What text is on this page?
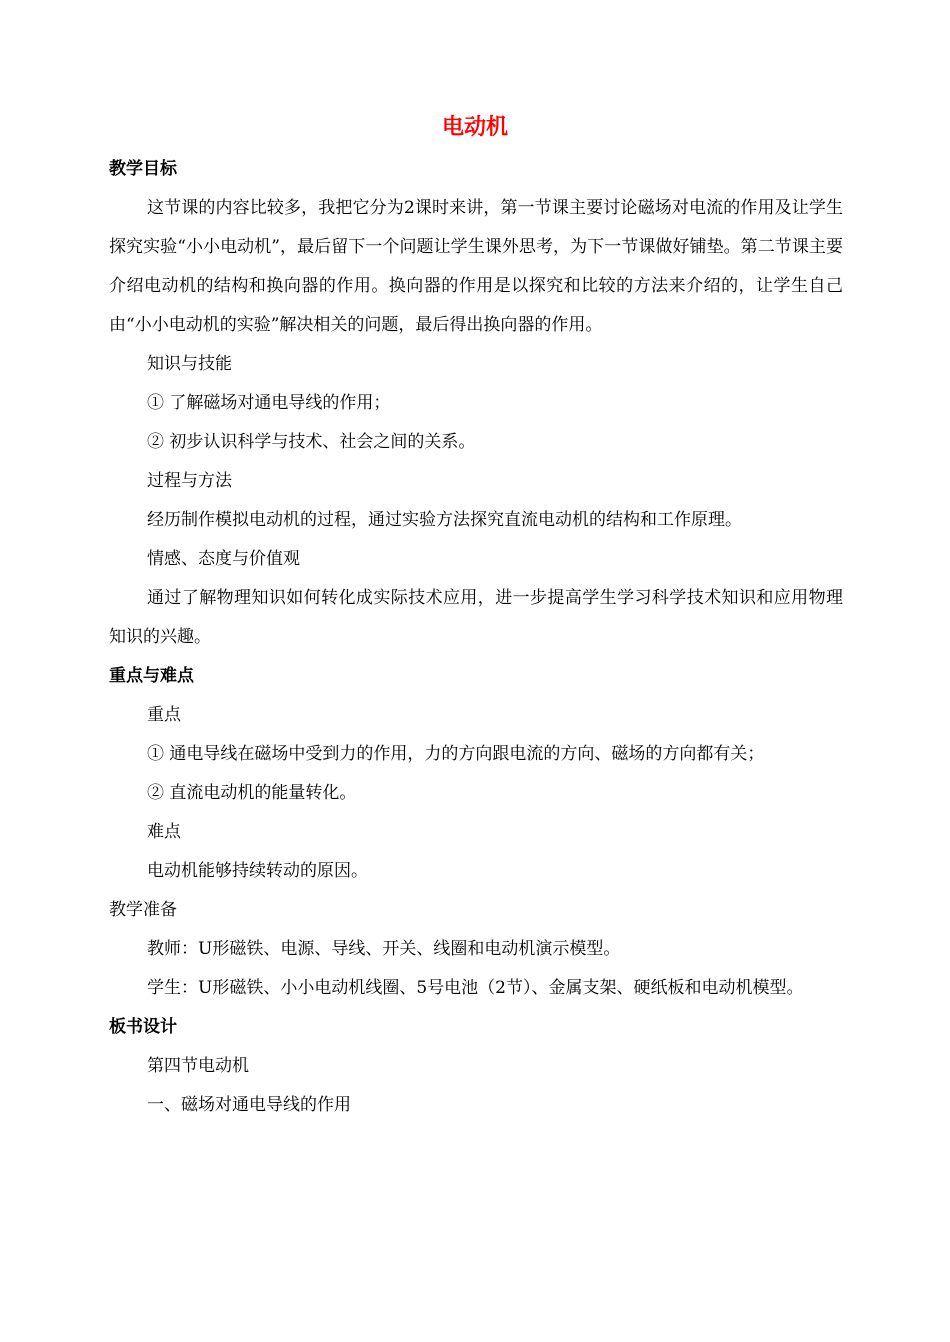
电动机

教学目标

这节课的内容比较多，我把它分为2课时来讲，第一节课主要讨论磁场对电流的作用及让学生探究实验“小小电动机”，最后留下一个问题让学生课外思考，为下一节课做好铺垫。第二节课主要介绍电动机的结构和换向器的作用。换向器的作用是以探究和比较的方法来介绍的，让学生自己由“小小电动机的实验”解决相关的问题，最后得出换向器的作用。

知识与技能

① 了解磁场对通电导线的作用；

② 初步认识科学与技术、社会之间的关系。

过程与方法

经历制作模拟电动机的过程，通过实验方法探究直流电动机的结构和工作原理。

情感、态度与价值观

通过了解物理知识如何转化成实际技术应用，进一步提高学生学习科学技术知识和应用物理知识的兴趣。

重点与难点

重点

① 通电导线在磁场中受到力的作用，力的方向跟电流的方向、磁场的方向都有关；

② 直流电动机的能量转化。

难点

电动机能够持续转动的原因。

教学准备

教师：U形磁铁、电源、导线、开关、线圈和电动机演示模型。

学生：U形磁铁、小小电动机线圈、5号电池（2节）、金属支架、硬纸板和电动机模型。

板书设计

第四节电动机

一、磁场对通电导线的作用
